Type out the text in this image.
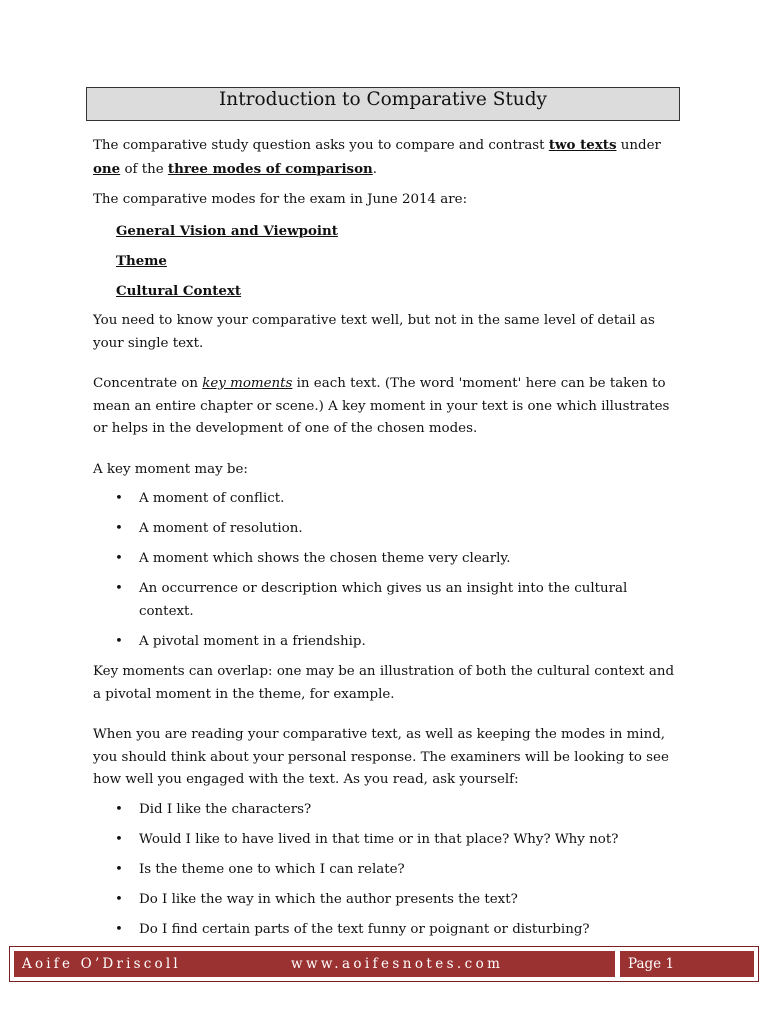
Introduction to Comparative Study

The comparative study question asks you to compare and contrast two texts under one of the three modes of comparison.

The comparative modes for the exam in June 2014 are:

General Vision and Viewpoint

Theme

Cultural Context

You need to know your comparative text well, but not in the same level of detail as your single text.

Concentrate on key moments in each text. (The word 'moment' here can be taken to mean an entire chapter or scene.) A key moment in your text is one which illustrates or helps in the development of one of the chosen modes.

A key moment may be:

• A moment of conflict.
• A moment of resolution.
• A moment which shows the chosen theme very clearly.
• An occurrence or description which gives us an insight into the cultural context.
• A pivotal moment in a friendship.

Key moments can overlap: one may be an illustration of both the cultural context and a pivotal moment in the theme, for example.

When you are reading your comparative text, as well as keeping the modes in mind, you should think about your personal response. The examiners will be looking to see how well you engaged with the text. As you read, ask yourself:

• Did I like the characters?
• Would I like to have lived in that time or in that place? Why? Why not?
• Is the theme one to which I can relate?
• Do I like the way in which the author presents the text?
• Do I find certain parts of the text funny or poignant or disturbing?
Aoife O’Driscoll	www.aoifesnotes.com	Page 1
